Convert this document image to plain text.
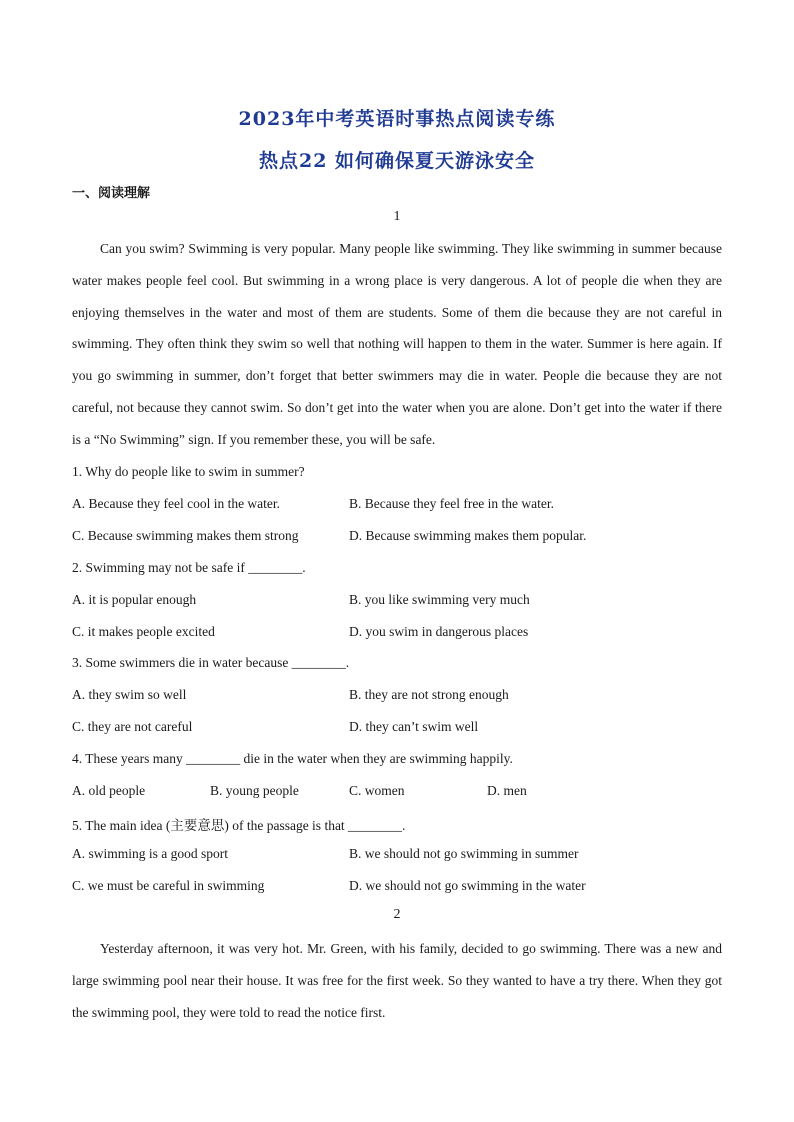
2023年中考英语时事热点阅读专练
热点22 如何确保夏天游泳安全
一、阅读理解
1

Can you swim? Swimming is very popular. Many people like swimming. They like swimming in summer because water makes people feel cool. But swimming in a wrong place is very dangerous. A lot of people die when they are enjoying themselves in the water and most of them are students. Some of them die because they are not careful in swimming. They often think they swim so well that nothing will happen to them in the water. Summer is here again. If you go swimming in summer, don’t forget that better swimmers may die in water. People die because they are not careful, not because they cannot swim. So don’t get into the water when you are alone. Don’t get into the water if there is a “No Swimming” sign. If you remember these, you will be safe.

1. Why do people like to swim in summer?
A. Because they feel cool in the water.	B. Because they feel free in the water.
C. Because swimming makes them strong	D. Because swimming makes them popular.
2. Swimming may not be safe if ________.
A. it is popular enough	B. you like swimming very much
C. it makes people excited	D. you swim in dangerous places
3. Some swimmers die in water because ________.
A. they swim so well	B. they are not strong enough
C. they are not careful	D. they can’t swim well
4. These years many ________ die in the water when they are swimming happily.
A. old people	B. young people	C. women	D. men
5. The main idea (主要意思) of the passage is that ________.
A. swimming is a good sport	B. we should not go swimming in summer
C. we must be careful in swimming	D. we should not go swimming in the water
2

Yesterday afternoon, it was very hot. Mr. Green, with his family, decided to go swimming. There was a new and large swimming pool near their house. It was free for the first week. So they wanted to have a try there. When they got the swimming pool, they were told to read the notice first.
